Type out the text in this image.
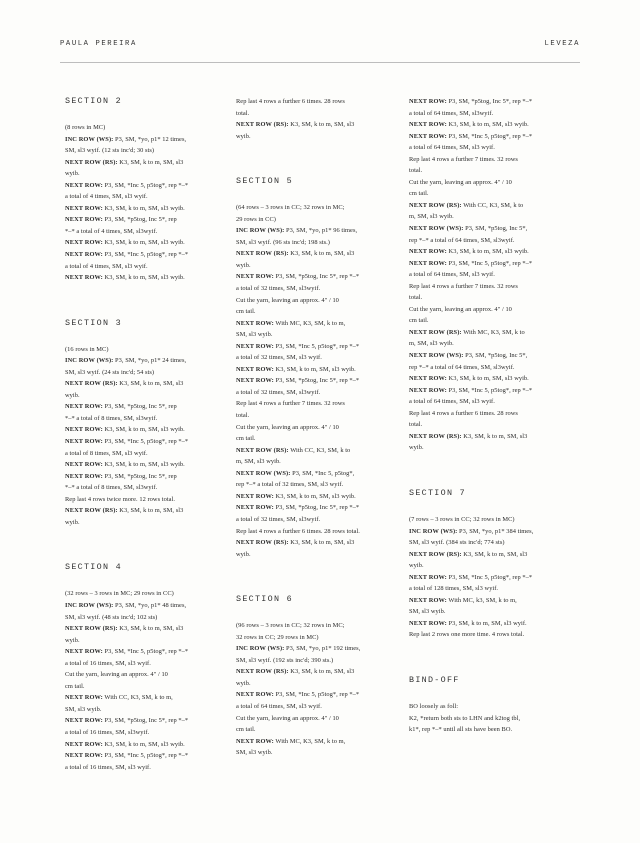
PAULA PEREIRA	LEVEZA
SECTION 2

(8 rows in MC)

INC ROW (WS): P3, SM, *yo, p1* 12 times,

SM, sl3 wyif. (12 sts inc'd; 30 sts)

NEXT ROW (RS): K3, SM, k to m, SM, sl3

wyib.

NEXT ROW: P3, SM, *Inc 5, p5tog*, rep *–*

a total of 4 times, SM, sl3 wyif.

NEXT ROW: K3, SM, k to m, SM, sl3 wyib.

NEXT ROW: P3, SM, *p5tog, Inc 5*, rep

*–* a total of 4 times, SM, sl3wyif.

NEXT ROW: K3, SM, k to m, SM, sl3 wyib.

NEXT ROW: P3, SM, *Inc 5, p5tog*, rep *–*

a total of 4 times, SM, sl3 wyif.

NEXT ROW: K3, SM, k to m, SM, sl3 wyib.

SECTION 3

(16 rows in MC)

INC ROW (WS): P3, SM, *yo, p1* 24 times,

SM, sl3 wyif. (24 sts inc'd; 54 sts)

NEXT ROW (RS): K3, SM, k to m, SM, sl3

wyib.

NEXT ROW: P3, SM, *p5tog, Inc 5*, rep

*–* a total of 8 times, SM, sl3wyif.

NEXT ROW: K3, SM, k to m, SM, sl3 wyib.

NEXT ROW: P3, SM, *Inc 5, p5tog*, rep *–*

a total of 8 times, SM, sl3 wyif.

NEXT ROW: K3, SM, k to m, SM, sl3 wyib.

NEXT ROW: P3, SM, *p5tog, Inc 5*, rep

*–* a total of 8 times, SM, sl3wyif.

Rep last 4 rows twice more. 12 rows total.

NEXT ROW (RS): K3, SM, k to m, SM, sl3

wyib.

SECTION 4

(32 rows – 3 rows in MC; 29 rows in CC)

INC ROW (WS): P3, SM, *yo, p1* 48 times,

SM, sl3 wyif. (48 sts inc'd; 102 sts)

NEXT ROW (RS): K3, SM, k to m, SM, sl3

wyib.

NEXT ROW: P3, SM, *Inc 5, p5tog*, rep *–*

a total of 16 times, SM, sl3 wyif.

Cut the yarn, leaving an approx. 4" / 10

cm tail.

NEXT ROW: With CC, K3, SM, k to m,

SM, sl3 wyib.

NEXT ROW: P3, SM, *p5tog, Inc 5*, rep *–*

a total of 16 times, SM, sl3wyif.

NEXT ROW: K3, SM, k to m, SM, sl3 wyib.

NEXT ROW: P3, SM, *Inc 5, p5tog*, rep *–*

a total of 16 times, SM, sl3 wyif.

Rep last 4 rows a further 6 times. 28 rows

total.

NEXT ROW (RS): K3, SM, k to m, SM, sl3

wyib.

SECTION 5

(64 rows – 3 rows in CC; 32 rows in MC;

29 rows in CC)

INC ROW (WS): P3, SM, *yo, p1* 96 times,

SM, sl3 wyif. (96 sts inc'd; 198 sts.)

NEXT ROW (RS): K3, SM, k to m, SM, sl3

wyib.

NEXT ROW: P3, SM, *p5tog, Inc 5*, rep *–*

a total of 32 times, SM, sl3wyif.

Cut the yarn, leaving an approx. 4" / 10

cm tail.

NEXT ROW: With MC, K3, SM, k to m,

SM, sl3 wyib.

NEXT ROW: P3, SM, *Inc 5, p5tog*, rep *–*

a total of 32 times, SM, sl3 wyif.

NEXT ROW: K3, SM, k to m, SM, sl3 wyib.

NEXT ROW: P3, SM, *p5tog, Inc 5*, rep *–*

a total of 32 times, SM, sl3wyif.

Rep last 4 rows a further 7 times. 32 rows

total.

Cut the yarn, leaving an approx. 4" / 10

cm tail.

NEXT ROW (RS): With CC, K3, SM, k to

m, SM, sl3 wyib.

NEXT ROW (WS): P3, SM, *Inc 5, p5tog*,

rep *–* a total of 32 times, SM, sl3 wyif.

NEXT ROW: K3, SM, k to m, SM, sl3 wyib.

NEXT ROW: P3, SM, *p5tog, Inc 5*, rep *–*

a total of 32 times, SM, sl3wyif.

Rep last 4 rows a further 6 times. 28 rows total.

NEXT ROW (RS): K3, SM, k to m, SM, sl3

wyib.

SECTION 6

(96 rows – 3 rows in CC; 32 rows in MC;

32 rows in CC; 29 rows in MC)

INC ROW (WS): P3, SM, *yo, p1* 192 times,

SM, sl3 wyif. (192 sts inc'd; 390 sts.)

NEXT ROW (RS): K3, SM, k to m, SM, sl3

wyib.

NEXT ROW: P3, SM, *Inc 5, p5tog*, rep *–*

a total of 64 times, SM, sl3 wyif.

Cut the yarn, leaving an approx. 4" / 10

cm tail.

NEXT ROW: With MC, K3, SM, k to m,

SM, sl3 wyib.

NEXT ROW: P3, SM, *p5tog, Inc 5*, rep *–*

a total of 64 times, SM, sl3wyif.

NEXT ROW: K3, SM, k to m, SM, sl3 wyib.

NEXT ROW: P3, SM, *Inc 5, p5tog*, rep *–*

a total of 64 times, SM, sl3 wyif.

Rep last 4 rows a further 7 times. 32 rows

total.

Cut the yarn, leaving an approx. 4" / 10

cm tail.

NEXT ROW (RS): With CC, K3, SM, k to

m, SM, sl3 wyib.

NEXT ROW (WS): P3, SM, *p5tog, Inc 5*,

rep *–* a total of 64 times, SM, sl3wyif.

NEXT ROW: K3, SM, k to m, SM, sl3 wyib.

NEXT ROW: P3, SM, *Inc 5, p5tog*, rep *–*

a total of 64 times, SM, sl3 wyif.

Rep last 4 rows a further 7 times. 32 rows

total.

Cut the yarn, leaving an approx. 4" / 10

cm tail.

NEXT ROW (RS): With MC, K3, SM, k to

m, SM, sl3 wyib.

NEXT ROW (WS): P3, SM, *p5tog, Inc 5*,

rep *–* a total of 64 times, SM, sl3wyif.

NEXT ROW: K3, SM, k to m, SM, sl3 wyib.

NEXT ROW: P3, SM, *Inc 5, p5tog*, rep *–*

a total of 64 times, SM, sl3 wyif.

Rep last 4 rows a further 6 times. 28 rows

total.

NEXT ROW (RS): K3, SM, k to m, SM, sl3

wyib.

SECTION 7

(7 rows – 3 rows in CC; 32 rows in MC)

INC ROW (WS): P3, SM, *yo, p1* 384 times,

SM, sl3 wyif. (384 sts inc'd; 774 sts)

NEXT ROW (RS): K3, SM, k to m, SM, sl3

wyib.

NEXT ROW: P3, SM, *Inc 5, p5tog*, rep *–*

a total of 128 times, SM, sl3 wyif.

NEXT ROW: With MC, k3, SM, k to m,

SM, sl3 wyib.

NEXT ROW: P3, SM, k to m, SM, sl3 wyif.

Rep last 2 rows one more time. 4 rows total.

BIND-OFF

BO loosely as foll:

K2, *return both sts to LHN and k2tog tbl,

k1*, rep *–* until all sts have been BO.
